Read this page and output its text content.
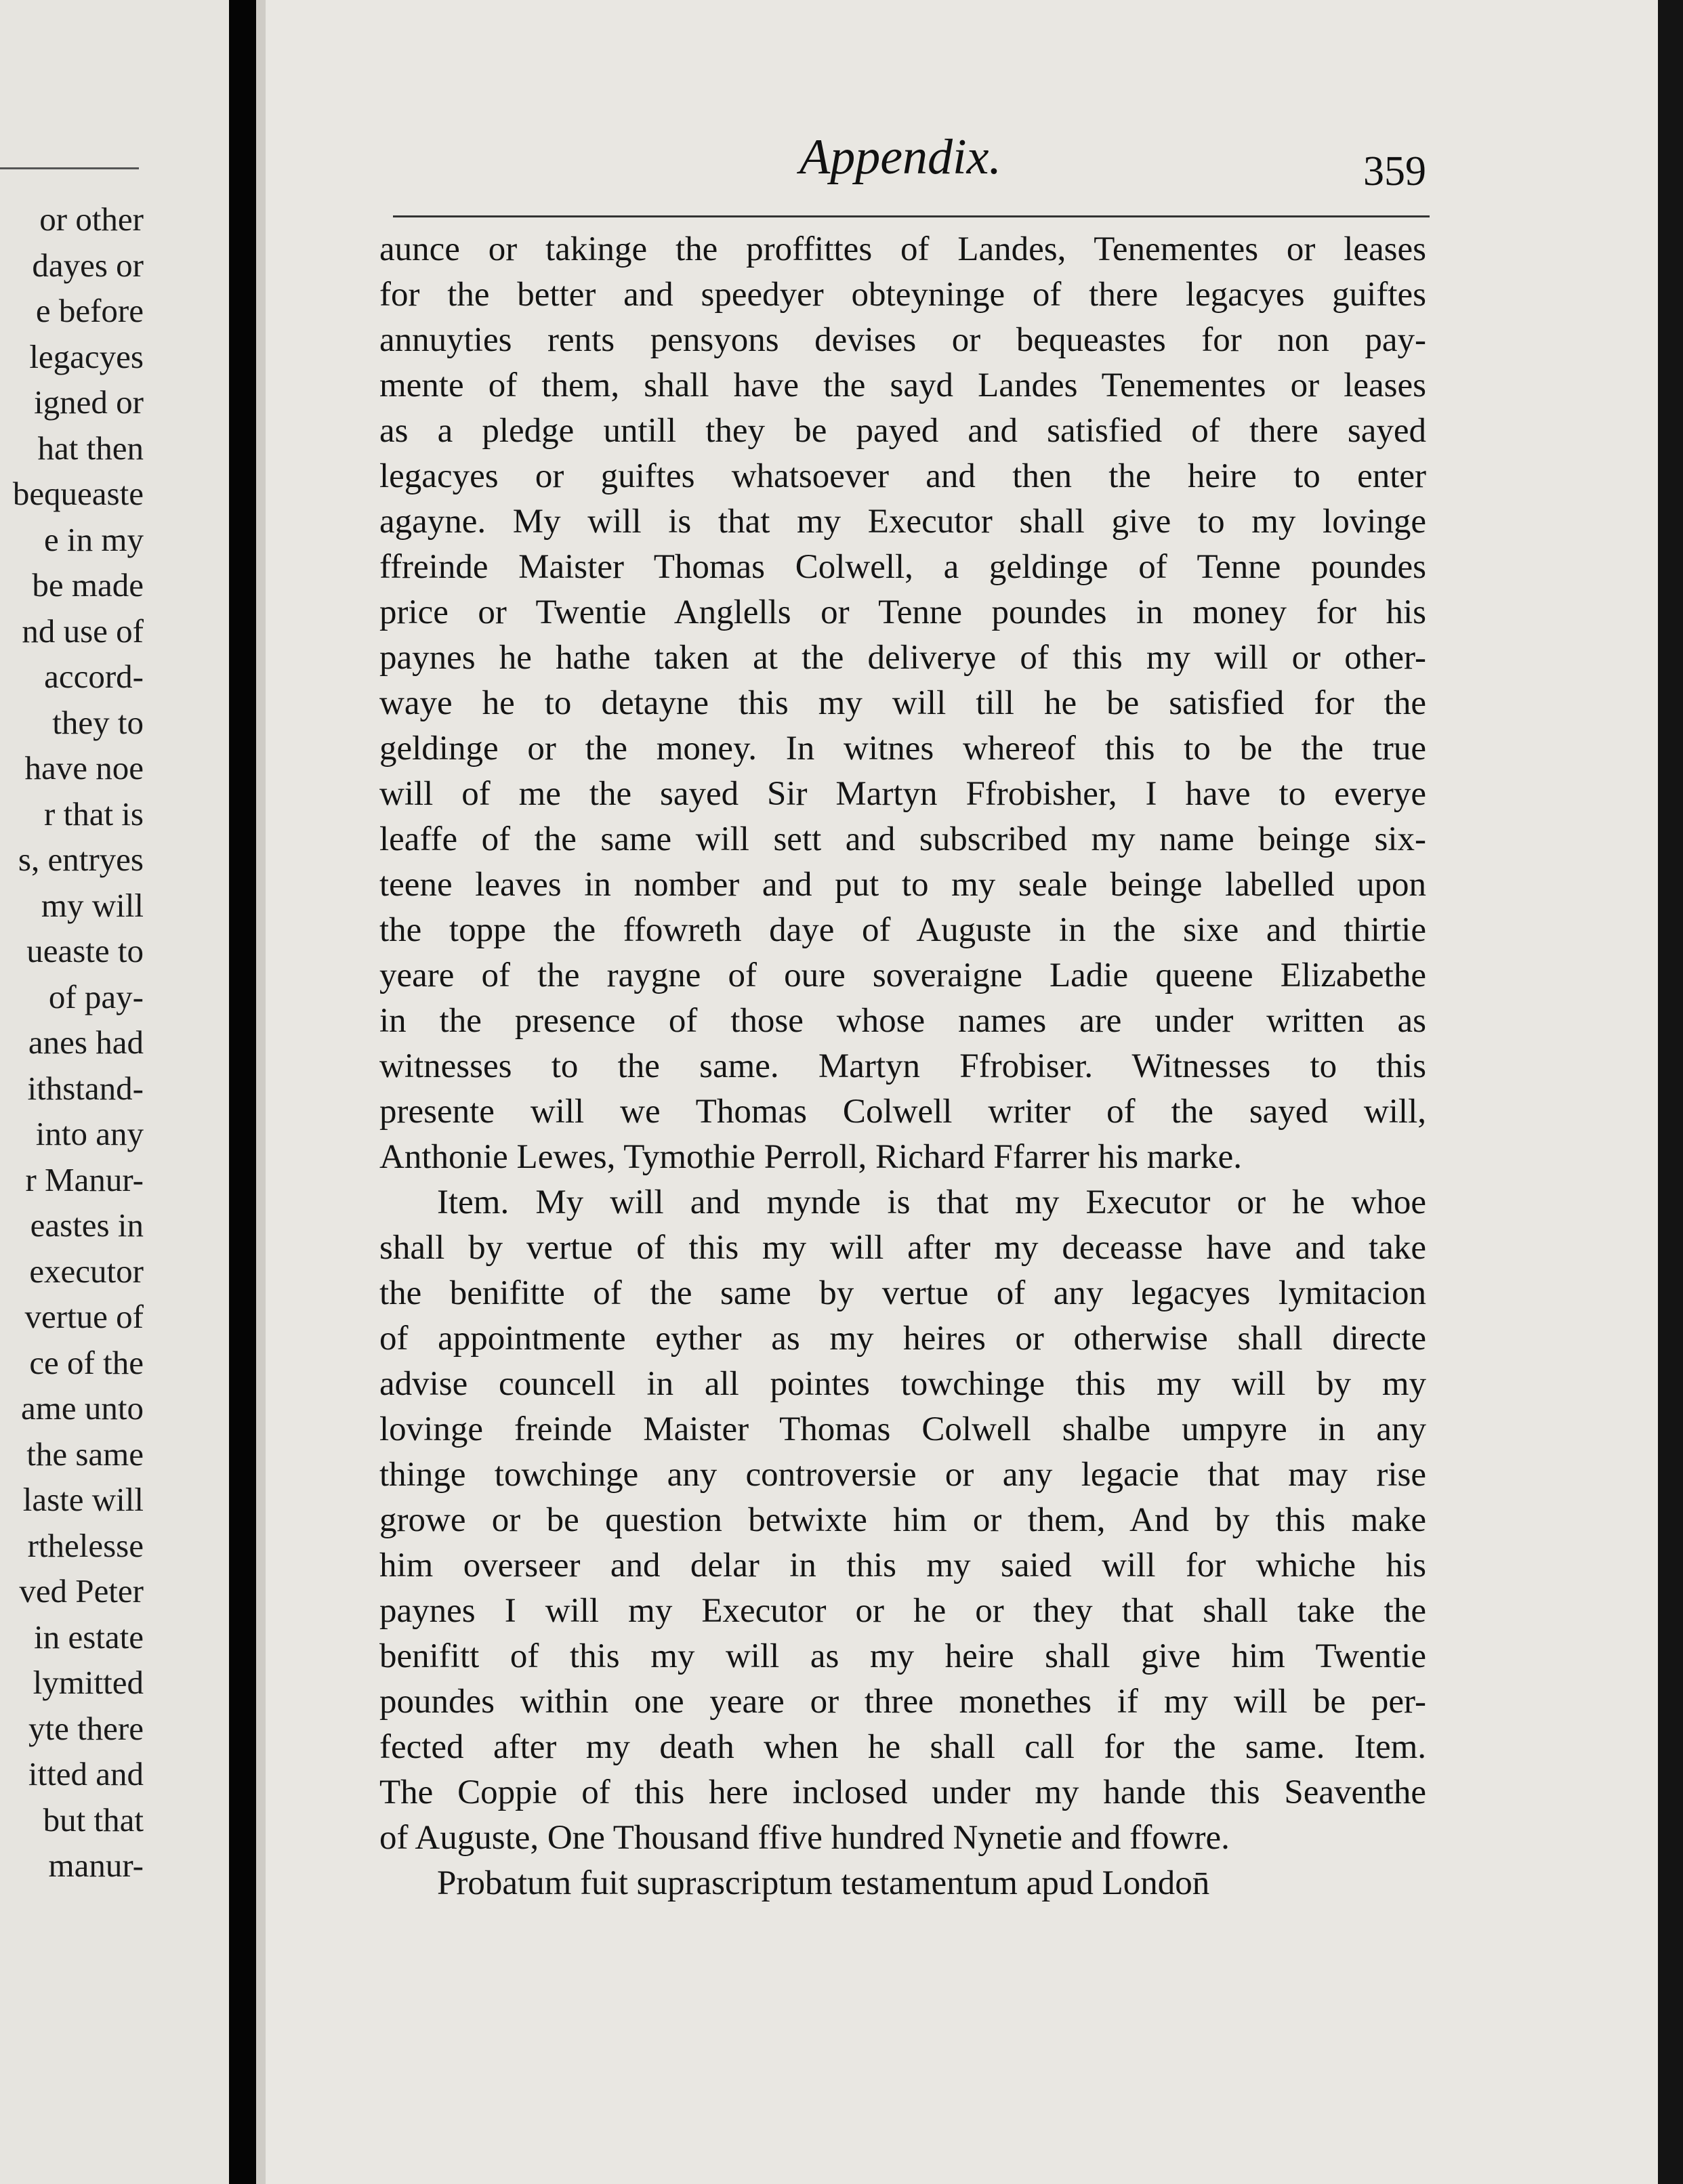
or other
dayes or
e before
legacyes
igned or
hat then
bequeaste
e in my
be made
nd use of
accord-
they to
have noe
r that is
s, entryes
my will
ueaste to
of pay-
anes had
ithstand-
into any
r Manur-
eastes in
executor
vertue of
ce of the
ame unto
the same
laste will
rthelesse
ved Peter
in estate
lymitted
yte there
itted and
but that
manur-
Appendix.	359
aunce or takinge the proffittes of Landes, Tenementes or leases
for the better and speedyer obteyninge of there legacyes guiftes
annuyties rents pensyons devises or bequeastes for non pay-
mente of them, shall have the sayd Landes Tenementes or leases
as a pledge untill they be payed and satisfied of there sayed
legacyes or guiftes whatsoever and then the heire to enter
agayne. My will is that my Executor shall give to my lovinge
ffreinde Maister Thomas Colwell, a geldinge of Tenne poundes
price or Twentie Anglells or Tenne poundes in money for his
paynes he hathe taken at the deliverye of this my will or other-
waye he to detayne this my will till he be satisfied for the
geldinge or the money. In witnes whereof this to be the true
will of me the sayed Sir Martyn Ffrobisher, I have to everye
leaffe of the same will sett and subscribed my name beinge six-
teene leaves in nomber and put to my seale beinge labelled upon
the toppe the ffowreth daye of Auguste in the sixe and thirtie
yeare of the raygne of oure soveraigne Ladie queene Elizabethe
in the presence of those whose names are under written as
witnesses to the same. Martyn Ffrobiser. Witnesses to this
presente will we Thomas Colwell writer of the sayed will,
Anthonie Lewes, Tymothie Perroll, Richard Ffarrer his marke.
Item. My will and mynde is that my Executor or he whoe
shall by vertue of this my will after my deceasse have and take
the benifitte of the same by vertue of any legacyes lymitacion
of appointmente eyther as my heires or otherwise shall directe
advise councell in all pointes towchinge this my will by my
lovinge freinde Maister Thomas Colwell shalbe umpyre in any
thinge towchinge any controversie or any legacie that may rise
growe or be question betwixte him or them, And by this make
him overseer and delar in this my saied will for whiche his
paynes I will my Executor or he or they that shall take the
benifitt of this my will as my heire shall give him Twentie
poundes within one yeare or three monethes if my will be per-
fected after my death when he shall call for the same. Item.
The Coppie of this here inclosed under my hande this Seaventhe
of Auguste, One Thousand ffive hundred Nynetie and ffowre.
Probatum fuit suprascriptum testamentum apud London̄
